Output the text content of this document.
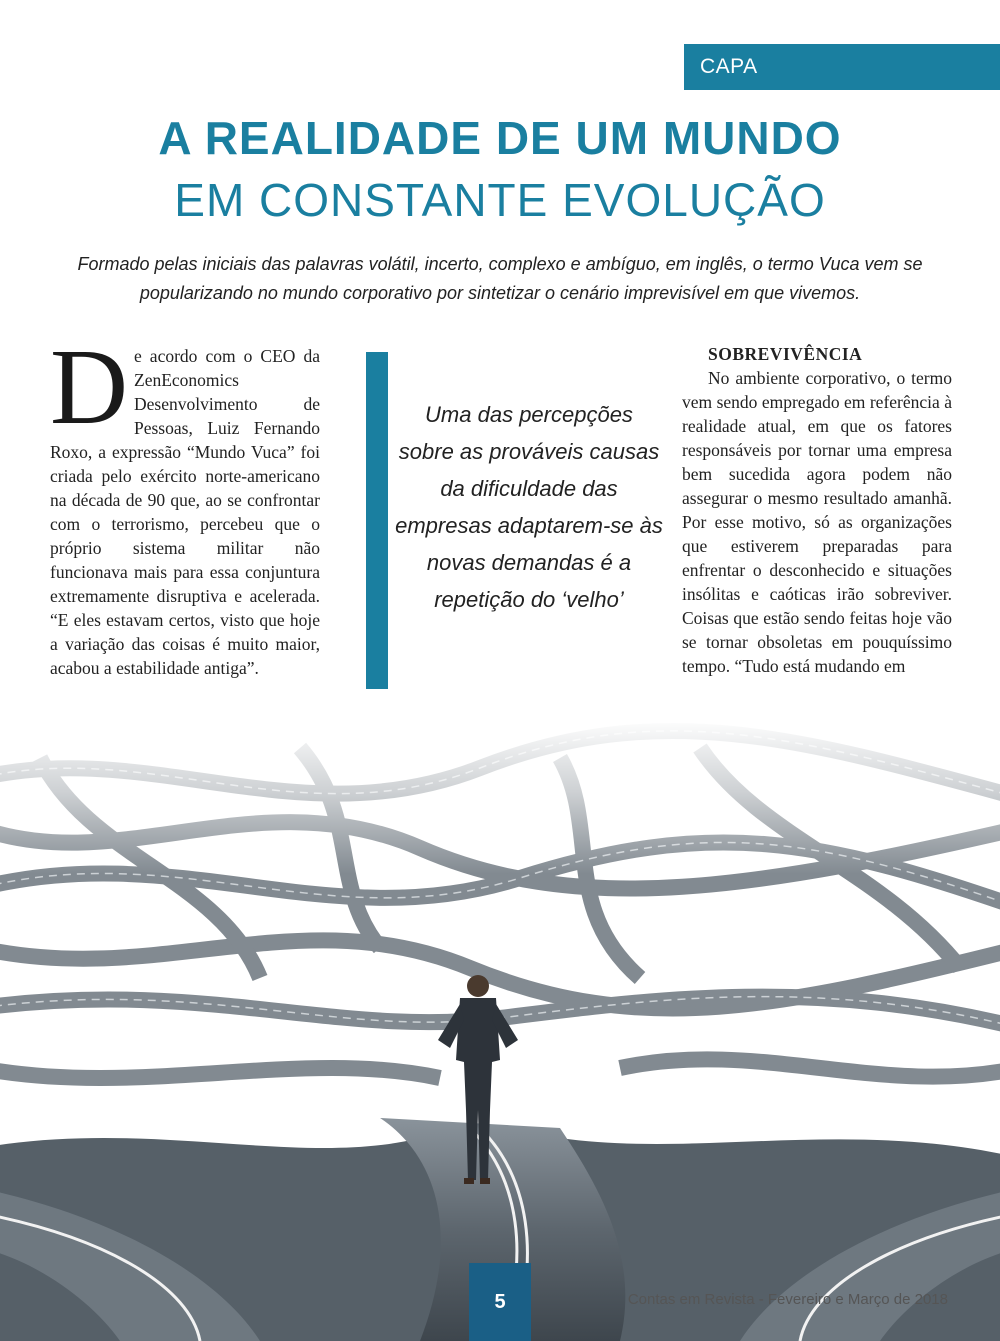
CAPA
A REALIDADE DE UM MUNDO
EM CONSTANTE EVOLUÇÃO
Formado pelas iniciais das palavras volátil, incerto, complexo e ambíguo, em inglês, o termo Vuca vem se popularizando no mundo corporativo por sintetizar o cenário imprevisível em que vivemos.
De acordo com o CEO da ZenEconomics Desenvolvimento de Pessoas, Luiz Fernando Roxo, a expressão “Mundo Vuca” foi criada pelo exército norte-americano na década de 90 que, ao se confrontar com o terrorismo, percebeu que o próprio sistema militar não funcionava mais para essa conjuntura extremamente disruptiva e acelerada. “E eles estavam certos, visto que hoje a variação das coisas é muito maior, acabou a estabilidade antiga”.
Uma das percepções sobre as prováveis causas da dificuldade das empresas adaptarem-se às novas demandas é a repetição do ‘velho’
SOBREVIVÊNCIA
No ambiente corporativo, o termo vem sendo empregado em referência à realidade atual, em que os fatores responsáveis por tornar uma empresa bem sucedida agora podem não assegurar o mesmo resultado amanhã. Por esse motivo, só as organizações que estiverem preparadas para enfrentar o desconhecido e situações insólitas e caóticas irão sobreviver. Coisas que estão sendo feitas hoje vão se tornar obsoletas em pouquíssimo tempo. “Tudo está mudando em
5	Contas em Revista - Fevereiro e Março de 2018
